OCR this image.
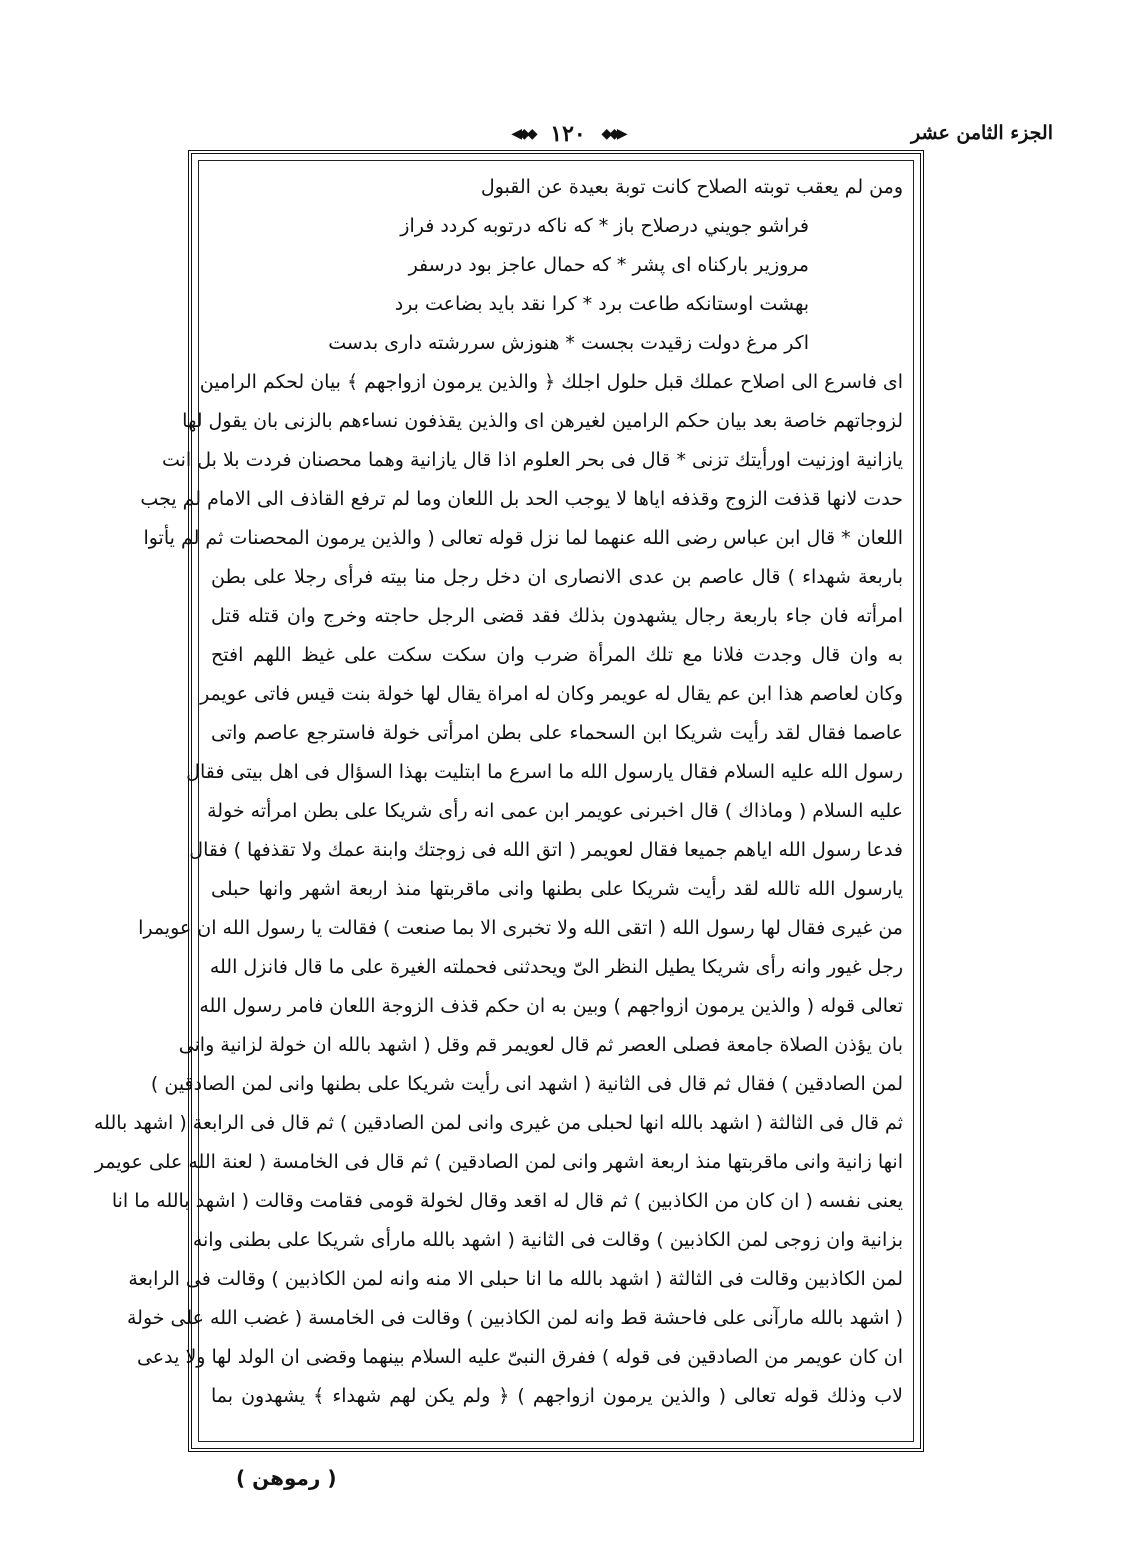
الجزء الثامن عشر
◀◆◆ ١٢٠ ◆◆▶
ومن لم يعقب توبته الصلاح كانت توبة بعيدة عن القبول
فراشو جويني درصلاح باز * كه ناكه درتوبه كردد فراز
مروزير باركناه اى پشر * كه حمال عاجز بود درسفر
بهشت اوستانكه طاعت برد * كرا نقد بايد بضاعت برد
اكر مرغ دولت زقيدت بجست * هنوزش سررشته دارى بدست
اى فاسرع الى اصلاح عملك قبل حلول اجلك ﴿ والذين يرمون ازواجهم ﴾ بيان لحكم الرامين
لزوجاتهم خاصة بعد بيان حكم الرامين لغيرهن اى والذين يقذفون نساءهم بالزنى بان يقول لها
يازانية اوزنيت اورأيتك تزنى * قال فى بحر العلوم اذا قال يازانية وهما محصنان فردت بلا بل انت
حدت لانها قذفت الزوج وقذفه اياها لا يوجب الحد بل اللعان وما لم ترفع القاذف الى الامام لم يجب
اللعان * قال ابن عباس رضى الله عنهما لما نزل قوله تعالى ( والذين يرمون المحصنات ثم لم يأتوا
باربعة شهداء ) قال عاصم بن عدى الانصارى ان دخل رجل منا بيته فرأى رجلا على بطن
امرأته فان جاء باربعة رجال يشهدون بذلك فقد قضى الرجل حاجته وخرج وان قتله قتل
به وان قال وجدت فلانا مع تلك المرأة ضرب وان سكت سكت على غيظ اللهم افتح
وكان لعاصم هذا ابن عم يقال له عويمر وكان له امراة يقال لها خولة بنت قيس فاتى عويمر
عاصما فقال لقد رأيت شريكا ابن السحماء على بطن امرأتى خولة فاسترجع عاصم واتى
رسول الله عليه السلام فقال يارسول الله ما اسرع ما ابتليت بهذا السؤال فى اهل بيتى فقال
عليه السلام ( وماذاك ) قال اخبرنى عويمر ابن عمى انه رأى شريكا على بطن امرأته خولة
فدعا رسول الله اياهم جميعا فقال لعويمر ( اتق الله فى زوجتك وابنة عمك ولا تقذفها ) فقال
يارسول الله تالله لقد رأيت شريكا على بطنها وانى ماقربتها منذ اربعة اشهر وانها حبلى
من غيرى فقال لها رسول الله ( اتقى الله ولا تخبرى الا بما صنعت ) فقالت يا رسول الله ان عويمرا
رجل غيور وانه رأى شريكا يطيل النظر الىّ ويحدثنى فحملته الغيرة على ما قال فانزل الله
تعالى قوله ( والذين يرمون ازواجهم ) وبين به ان حكم قذف الزوجة اللعان فامر رسول الله
بان يؤذن الصلاة جامعة فصلى العصر ثم قال لعويمر قم وقل ( اشهد بالله ان خولة لزانية وانى
لمن الصادقين ) فقال ثم قال فى الثانية ( اشهد انى رأيت شريكا على بطنها وانى لمن الصادقين )
ثم قال فى الثالثة ( اشهد بالله انها لحبلى من غيرى وانى لمن الصادقين ) ثم قال فى الرابعة ( اشهد بالله
انها زانية وانى ماقربتها منذ اربعة اشهر وانى لمن الصادقين ) ثم قال فى الخامسة ( لعنة الله على عويمر
يعنى نفسه ( ان كان من الكاذبين ) ثم قال له اقعد وقال لخولة قومى فقامت وقالت ( اشهد بالله ما انا
بزانية وان زوجى لمن الكاذبين ) وقالت فى الثانية ( اشهد بالله مارأى شريكا على بطنى وانه
لمن الكاذبين وقالت فى الثالثة ( اشهد بالله ما انا حبلى الا منه وانه لمن الكاذبين ) وقالت فى الرابعة
( اشهد بالله مارآنى على فاحشة قط وانه لمن الكاذبين ) وقالت فى الخامسة ( غضب الله على خولة
ان كان عويمر من الصادقين فى قوله ) ففرق النبىّ عليه السلام بينهما وقضى ان الولد لها ولا يدعى
لاب وذلك قوله تعالى ( والذين يرمون ازواجهم ) ﴿ ولم يكن لهم شهداء ﴾ يشهدون بما
( رموهن )
